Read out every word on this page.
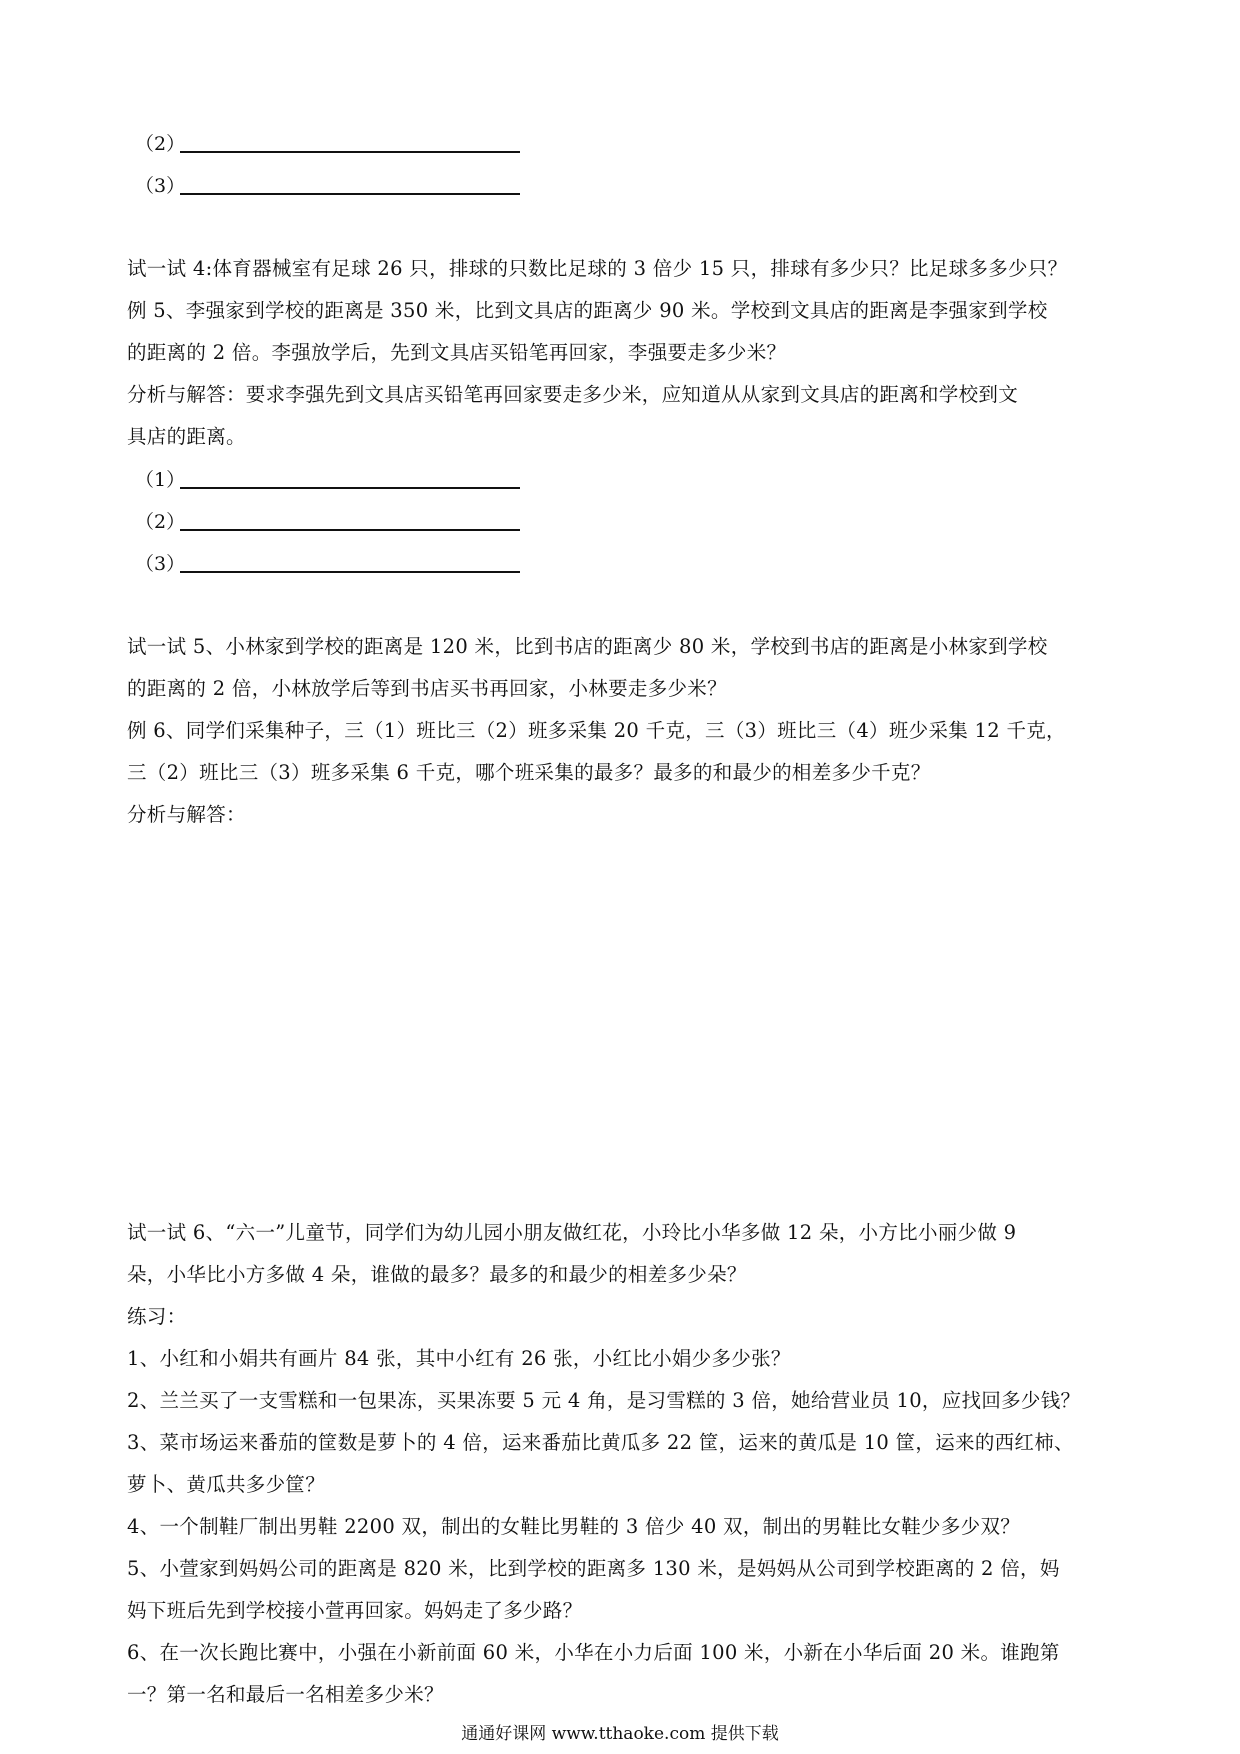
（2）
（3）
试一试 4:体育器械室有足球 26 只，排球的只数比足球的 3 倍少 15 只，排球有多少只？比足球多多少只？
例 5、李强家到学校的距离是 350 米，比到文具店的距离少 90 米。学校到文具店的距离是李强家到学校
的距离的 2 倍。李强放学后，先到文具店买铅笔再回家，李强要走多少米？
分析与解答：要求李强先到文具店买铅笔再回家要走多少米，应知道从从家到文具店的距离和学校到文
具店的距离。
（1）
（2）
（3）
试一试 5、小林家到学校的距离是 120 米，比到书店的距离少 80 米，学校到书店的距离是小林家到学校
的距离的 2 倍，小林放学后等到书店买书再回家，小林要走多少米？
例 6、同学们采集种子，三（1）班比三（2）班多采集 20 千克，三（3）班比三（4）班少采集 12 千克，
三（2）班比三（3）班多采集 6 千克，哪个班采集的最多？最多的和最少的相差多少千克？
分析与解答：
试一试 6、“六一”儿童节，同学们为幼儿园小朋友做红花，小玲比小华多做 12 朵，小方比小丽少做 9
朵，小华比小方多做 4 朵，谁做的最多？最多的和最少的相差多少朵？
练习：
1、小红和小娟共有画片 84 张，其中小红有 26 张，小红比小娟少多少张？
2、兰兰买了一支雪糕和一包果冻，买果冻要 5 元 4 角，是习雪糕的 3 倍，她给营业员 10，应找回多少钱？
3、菜市场运来番茄的筐数是萝卜的 4 倍，运来番茄比黄瓜多 22 筐，运来的黄瓜是 10 筐，运来的西红柿、
萝卜、黄瓜共多少筐？
4、一个制鞋厂制出男鞋 2200 双，制出的女鞋比男鞋的 3 倍少 40 双，制出的男鞋比女鞋少多少双？
5、小萱家到妈妈公司的距离是 820 米，比到学校的距离多 130 米，是妈妈从公司到学校距离的 2 倍，妈
妈下班后先到学校接小萱再回家。妈妈走了多少路？
6、在一次长跑比赛中，小强在小新前面 60 米，小华在小力后面 100 米，小新在小华后面 20 米。谁跑第
一？第一名和最后一名相差多少米？
通通好课网 www.tthaoke.com 提供下载
